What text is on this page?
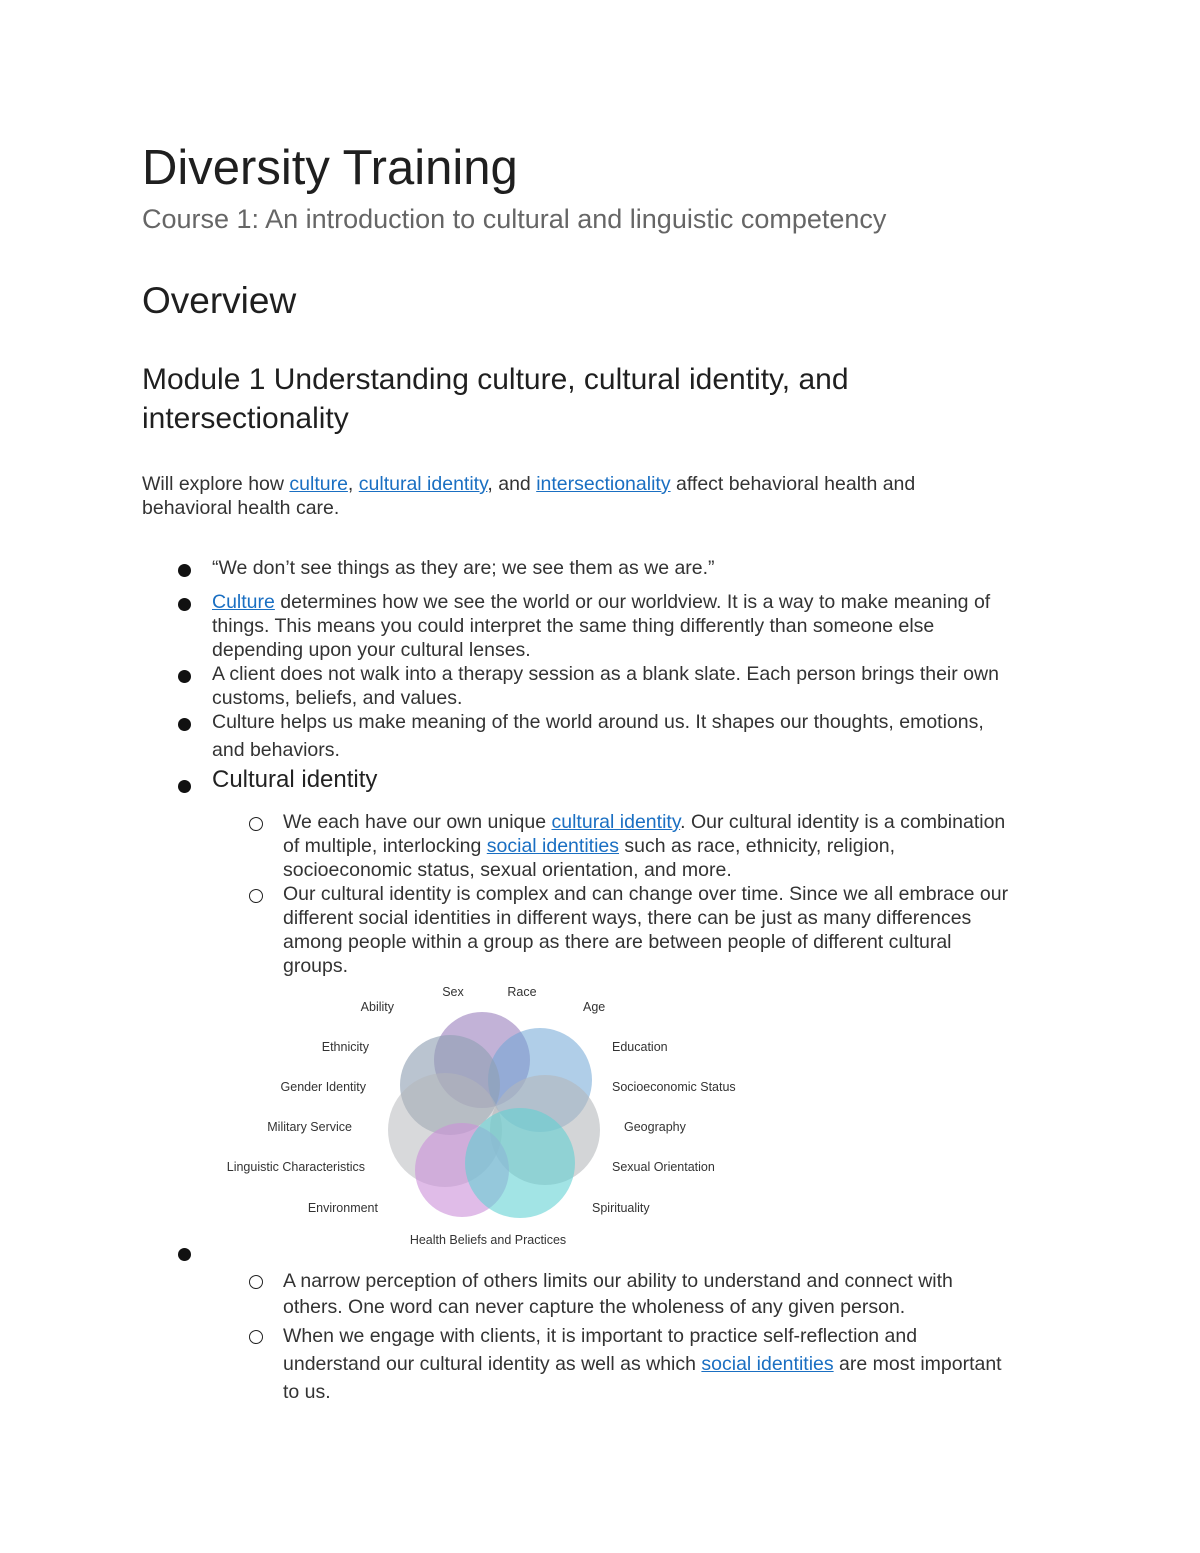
Diversity Training
Course 1: An introduction to cultural and linguistic competency
Overview
Module 1 Understanding culture, cultural identity, and
intersectionality
Will explore how culture, cultural identity, and intersectionality affect behavioral health and
behavioral health care.
“We don’t see things as they are; we see them as we are.”
Culture determines how we see the world or our worldview. It is a way to make meaning of
things. This means you could interpret the same thing differently than someone else
depending upon your cultural lenses.
A client does not walk into a therapy session as a blank slate. Each person brings their own
customs, beliefs, and values.
Culture helps us make meaning of the world around us. It shapes our thoughts, emotions,
and behaviors.
Cultural identity
We each have our own unique cultural identity. Our cultural identity is a combination
of multiple, interlocking social identities such as race, ethnicity, religion,
socioeconomic status, sexual orientation, and more.
Our cultural identity is complex and can change over time. Since we all embrace our
different social identities in different ways, there can be just as many differences
among people within a group as there are between people of different cultural
groups.
Sex	Race
Ability	Age
Ethnicity	Education
Gender Identity	Socioeconomic Status
Military Service	Geography
Linguistic Characteristics	Sexual Orientation
Environment	Spirituality
Health Beliefs and Practices
A narrow perception of others limits our ability to understand and connect with
others. One word can never capture the wholeness of any given person.
When we engage with clients, it is important to practice self-reflection and
understand our cultural identity as well as which social identities are most important
to us.
